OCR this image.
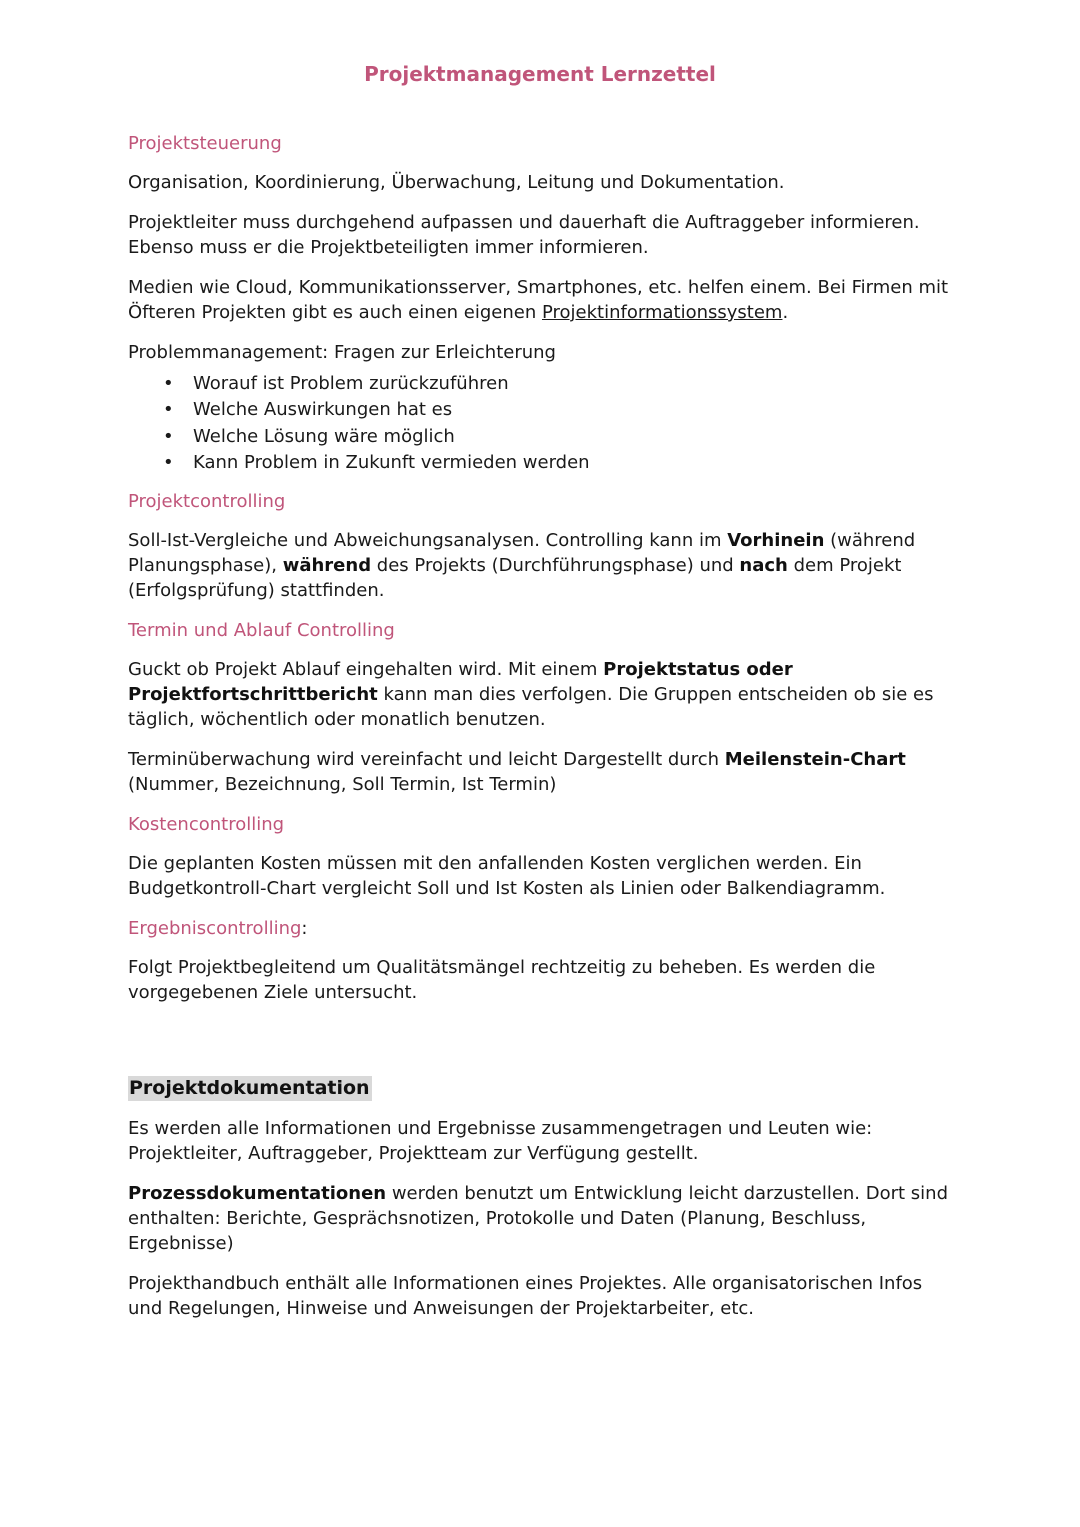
Projektmanagement Lernzettel
Projektsteuerung

Organisation, Koordinierung, Überwachung, Leitung und Dokumentation.

Projektleiter muss durchgehend aufpassen und dauerhaft die Auftraggeber informieren. Ebenso muss er die Projektbeteiligten immer informieren.

Medien wie Cloud, Kommunikationsserver, Smartphones, etc. helfen einem. Bei Firmen mit Öfteren Projekten gibt es auch einen eigenen Projektinformationssystem.

Problemmanagement: Fragen zur Erleichterung

• Worauf ist Problem zurückzuführen
• Welche Auswirkungen hat es
• Welche Lösung wäre möglich
• Kann Problem in Zukunft vermieden werden
Projektcontrolling

Soll-Ist-Vergleiche und Abweichungsanalysen. Controlling kann im Vorhinein (während Planungsphase), während des Projekts (Durchführungsphase) und nach dem Projekt (Erfolgsprüfung) stattfinden.

Termin und Ablauf Controlling

Guckt ob Projekt Ablauf eingehalten wird. Mit einem Projektstatus oder Projektfortschrittbericht kann man dies verfolgen. Die Gruppen entscheiden ob sie es täglich, wöchentlich oder monatlich benutzen.

Terminüberwachung wird vereinfacht und leicht Dargestellt durch Meilenstein-Chart (Nummer, Bezeichnung, Soll Termin, Ist Termin)

Kostencontrolling

Die geplanten Kosten müssen mit den anfallenden Kosten verglichen werden. Ein Budgetkontroll-Chart vergleicht Soll und Ist Kosten als Linien oder Balkendiagramm.

Ergebniscontrolling:

Folgt Projektbegleitend um Qualitätsmängel rechtzeitig zu beheben. Es werden die vorgegebenen Ziele untersucht.

Projektdokumentation

Es werden alle Informationen und Ergebnisse zusammengetragen und Leuten wie: Projektleiter, Auftraggeber, Projektteam zur Verfügung gestellt.

Prozessdokumentationen werden benutzt um Entwicklung leicht darzustellen. Dort sind enthalten: Berichte, Gesprächsnotizen, Protokolle und Daten (Planung, Beschluss, Ergebnisse)

Projekthandbuch enthält alle Informationen eines Projektes. Alle organisatorischen Infos und Regelungen, Hinweise und Anweisungen der Projektarbeiter, etc.
